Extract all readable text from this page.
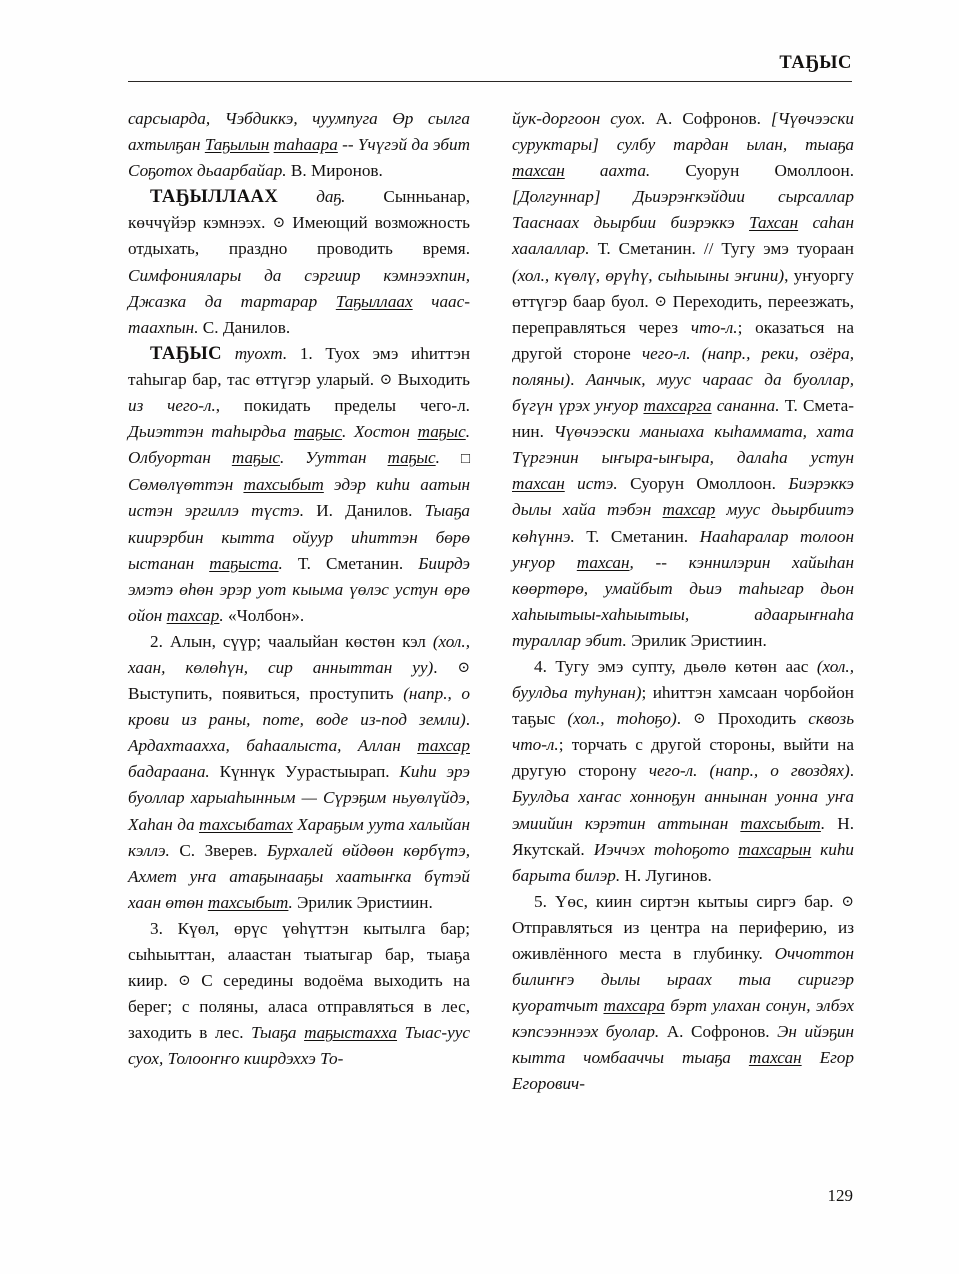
ТАҔЫС

сарсыарда, Чэбдиккэ, чуумпуга Өр сылга ахтылҕан Таҕылын таһаара -- Үчүгэй да эбит Соҕотох дьаарбайар. В. Миронов.

ТАҔЫЛЛААХ даҕ. Сынньанар, көччүйэр кэмнээх. ⊙ Имеющий возможность отдыхать, праздно проводить время. Симфониялары да сэргиир кэмнээхпин, Джазка да тартарар Таҕыллаах чаастаахпын. С. Данилов.

ТАҔЫС туохт. 1. Туох эмэ иһиттэн таһыгар бар, тас өттүгэр уларый. ⊙ Выходить из чего-л., покидать пределы чего-л. Дьиэттэн таһырдьа таҕыс. Хостон таҕыс. Олбуортан таҕыс. Ууттан таҕыс. □ Сөмөлүөттэн тахсыбыт эдэр киһи аатын истэн эргиллэ түстэ. И. Данилов. Тыаҕа киирэрбин кытта ойуур иһиттэн бөрө ыстанан таҕыста. Т. Сметанин. Биирдэ эмэтэ өһөн эрэр уот кыыма үөлэс устун өрө ойон тахсар. «Чолбон».

2. Алын, сүүр; чаалыйан көстөн кэл (хол., хаан, көлөһүн, сир анныттан уу). ⊙ Выступить, появиться, проступить (напр., о крови из раны, поте, воде из-под земли). Ардахтааххa, баһаалыста, Аллан тахсар бадарaана. Күннүк Уурастыырап. Киһи эрэ буоллар харыaһынным — Сүрэҕим ньуөлүйдэ, Хаһан да тахсыбатах Хараҕым уута халыйан кэллэ. С. Зверев. Бурхалей өйдөөн көрбүтэ, Ахмет уҥа атаҕынааҕы хаатыҥка бүтэй хаан өтөн тахсыбыт. Эрилик Эристиин.

3. Күөл, өрүс үөһүттэн кытылга бар; сыһыыттан, алаастан тыатыгар бар, тыаҕа киир. ⊙ С середины водоёма выходить на берег; с поляны, аласа отправляться в лес, заходить в лес. Тыаҕа таҕыстахха Тыас-уус суох, Толооҥҥо киирдэххэ То-

йук-доргоон суох. А. Софронов. [Чүөчээски суруктары] сулбу тардан ылан, тыаҕа тахсан аахта. Суорун Омоллоон. [Долгуннар] Дьиэрэҥкэйдии сырсаллар Тааснаах дьырбии биэрэккэ Тахсан саһан хаалаллар. Т. Сметанин. // Тугу эмэ туораан (хол., күөлү, өрүһү, сыһыыны эҥини), уҥуоргу өттүгэр баар буол. ⊙ Переходить, переезжать, переправляться через что-л.; оказаться на другой стороне чего-л. (напр., реки, озёра, поляны). Аанчык, муус чараас да буоллар, бүгүн үрэх уҥуор тахсарга сананна. Т. Сметанин. Чүөчээски маныаха кыһаммата, хата Түргэнин ыҥыра-ыҥыра, далаһа устун тахсан истэ. Суорун Омоллоон. Биэрэккэ дылы хайа тэбэн тахсар муус дьырбиитэ көһүннэ. Т. Сметанин. Нааһаралар толоон уҥуор тахсан, -- кэннилэрин хайыһан көөртөрө, умайбыт дьиэ таһыгар дьон хаһыытыы-хаһыытыы, адаарыҥнаһа тураллар эбит. Эрилик Эристиин.

4. Тугу эмэ супту, дьөлө көтөн аас (хол., буулдьа туһунан); иһиттэн хамсаан чорбойон таҕыс (хол., тоһоҕо). ⊙ Проходить сквозь что-л.; торчать с другой стороны, выйти на другую сторону чего-л. (напр., о гвоздях). Буулдьа хаҥас хонноҕун аннынан уонна уҥа эмиийин кэрэтин аттынан тахсыбыт. Н. Якутскай. Иэччэх тоһоҕото тахсарын киһи барыта билэр. Н. Лугинов.

5. Үөс, киин сиртэн кытыы сиргэ бар. ⊙ Отправляться из центра на периферию, из оживлённого места в глубинку. Оччоттон билиҥҥэ дылы ыраах тыа сиригэр куоратчыт тахсара бэрт улахан сонун, элбэх кэпсээннээх буолар. А. Софронов. Эн ийэҕин кытта чомбааччы тыаҕа тахсан Егор Егорович-

129
